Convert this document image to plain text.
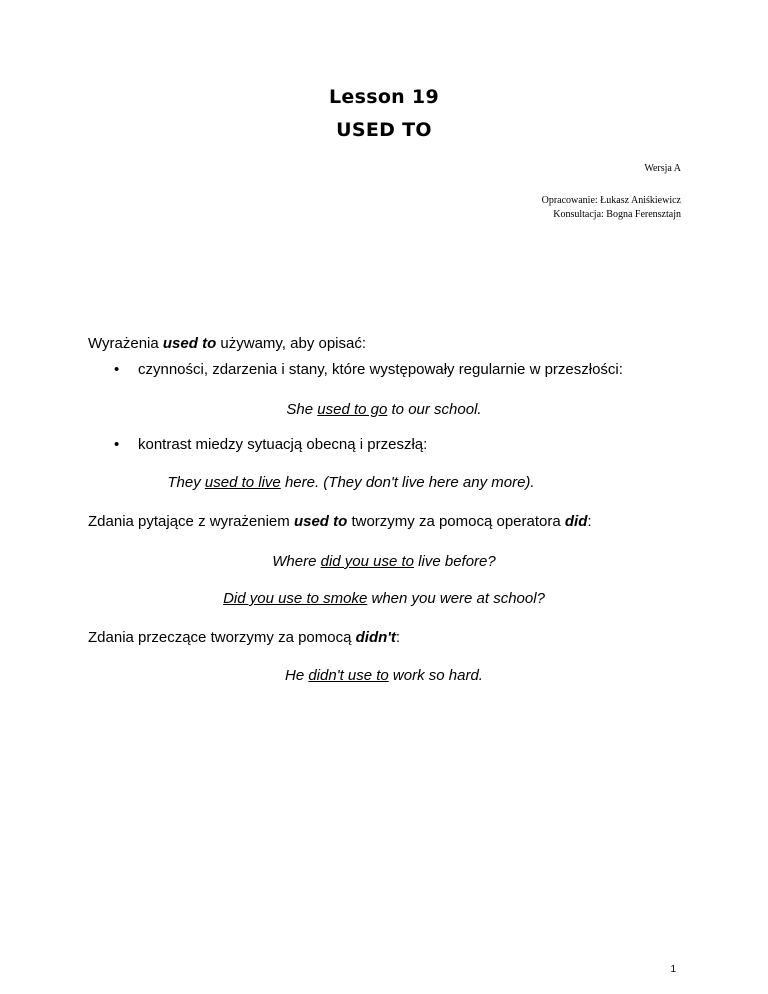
Lesson 19
USED TO
Wersja A
Opracowanie: Łukasz Aniśkiewicz
Konsultacja: Bogna Ferensztajn
Wyrażenia used to używamy, aby opisać:
• czynności, zdarzenia i stany, które występowały regularnie w przeszłości:
She used to go to our school.
• kontrast miedzy sytuacją obecną i przeszłą:
They used to live here. (They don't live here any more).
Zdania pytające z wyrażeniem used to tworzymy za pomocą operatora did:
Where did you use to live before?
Did you use to smoke when you were at school?
Zdania przeczące tworzymy za pomocą didn't:
He didn't use to work so hard.
1
